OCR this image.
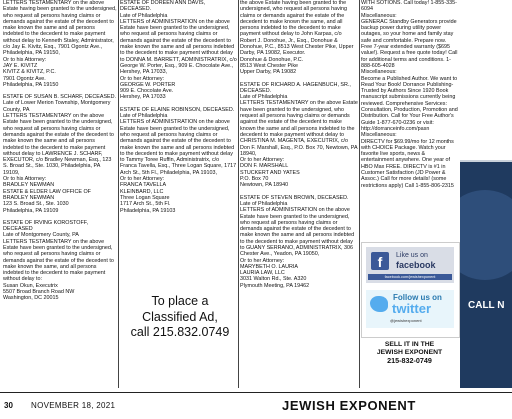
LETTERS TESTAMENTARY on the above Estate having been granted to the undersigned, who request all persons having claims or demands against the estate of the decedent to make known the same and all persons indebted to the decedent to make payment without delay to Kenneth Staley, Administrator, c/o Jay E. Kivitz, Esq., 7901 Ogontz Ave., Philadelphia, PA 19150,
Or to his Attorney:
JAY E. KIVITZ
KIVITZ & KIVITZ, P.C.
7901 Ogontz Ave.
Philadelphia, PA 19150

ESTATE OF SUSAN B. SCHARF, DECEASED.
Late of Lower Merion Township, Montgomery County, PA
LETTERS TESTAMENTARY on the above Estate have been granted to the undersigned, who request all persons having claims or demands against the estate of the decedent to make known the same and all persons indebted to the decedent to make payment without delay to LAWRENCE J. SCHARF, EXECUTOR, c/o Bradley Newman, Esq., 123 S. Broad St., Ste. 1030, Philadelphia, PA 19109,
Or to his Attorney:
BRADLEY NEWMAN
ESTATE & ELDER LAW OFFICE OF BRADLEY NEWMAN
123 S. Broad St., Ste. 1030
Philadelphia, PA 19109

ESTATE OF IRVING KOROSTOFF, DECEASED
Late of Montgomery County, PA
LETTERS TESTAMENTARY on the above Estate have been granted to the undersigned, who request all persons having claims or demands against the estate of the decedent to make known the same, and all persons indebted to the decedent to make payment without delay to:
Susan Okun, Executrix
5507 Broad Branch Road NW
Washington, DC 20015

ESTATE OF DOREEN ANN DAVIS, DECEASED.
Late of Philadelphia
LETTERS of ADMINISTRATION on the above Estate have been granted to the undersigned, who request all persons having claims or demands against the estate of the decedent to make known the same and all persons indebted to the decedent to make payment without delay to DONNA M. BARRETT, ADMINISTRATRIX, c/o George W. Porter, Esq., 909 E. Chocolate Ave., Hershey, PA 17033,
Or to her Attorney:
GEORGE W. PORTER
909 E. Chocolate Ave.
Hershey, PA 17033

ESTATE OF ELAINE ROBINSON, DECEASED.
Late of Philadelphia
LETTERS of ADMINISTRATION on the above Estate have been granted to the undersigned, who request all persons having claims or demands against the estate of the decedent to make known the same and all persons indebted to the decedent to make payment without delay to Tammy Toree Ruffin, Administratrix, c/o Franca Tavella, Esq., Three Logan Square, 1717 Arch St., 5th Fl., Philadelphia, PA 19103,
Or to her Attorney:
FRANCA TAVELLA
KLEINBARD, LLC
Three Logan Square
1717 Arch St., 5th Fl.
Philadelphia, PA 19103

To place a
Classified Ad,
call 215.832.0749

the above Estate having been granted to the undersigned, who request all persons having claims or demands against the estate of the decedent to make known the same, and all persons indebted to the decedent to make payment without delay to John Karpas, c/o Robert J. Donohue, Jr., Esq., Donohue & Donohue, P.C., 8513 West Chester Pike, Upper Darby, PA 19082, Executor.
Donohue & Donohue, P.C.
8513 West Chester Pike
Upper Darby, PA 19082

ESTATE OF RICHARD A. HAGENBUCH, SR., DECEASED.
Late of Philadelphia
LETTERS TESTAMENTARY on the above Estate have been granted to the undersigned, who request all persons having claims or demands against the estate of the decedent to make known the same and all persons indebted to the decedent to make payment without delay to CHRISTINA M. MAGENTA, EXECUTRIX, c/o Don F. Marshall, Esq., P.O. Box 70, Newtown, PA 18940,
Or to her Attorney:
DON F. MARSHALL
STUCKERT AND YATES
P.O. Box 70
Newtown, PA 18940

ESTATE OF STEVEN BROWN, DECEASED.
Late of Philadelphia
LETTERS of ADMINISTRATION on the above Estate have been granted to the undersigned, who request all persons having claims or demands against the estate of the decedent to make known the same and all persons indebted to the decedent to make payment without delay to GUANY SERRANO, ADMINISTRATRIX, 306 Chester Ave., Yeadon, PA 19050,
Or to her Attorney:
MARYBETH O. LAURIA
LAURIA LAW, LLC
3031 Walton Rd., Ste. A320
Plymouth Meeting, PA 19462

WITH SOTIONS. Call today! 1-855-335-6094
Miscellaneous:
GENERAC Standby Generators provide backup power during utility power outages, so your home and family stay safe and comfortable. Prepare now. Free 7-year extended warranty ($695 value!). Request a free quote today! Call for additional terms and conditions. 1-888-605-4028
Miscellaneous:
Become a Published Author. We want to Read Your Book! Dorrance Publishing-Trusted by Authors Since 1920 Book manuscript submissions currently being reviewed. Comprehensive Services: Consultation, Production, Promotion and Distribution. Call for Your Free Author's Guide 1-877-670-0236 or visit:
http://dorranceinfo.com/pasn
Miscellaneous:
DIRECTV for $69.99/mo for 12 months with CHOICE Package. Watch your favorite live sports, news & entertainment anywhere. One year of HBO Max FREE. DIRECTV is #1 in Customer Satisfaction (JD Power & Assoc.) Call for more details! (some restrictions apply) Call 1-855-806-2315

f	Like us on
facebook
facebook.com/jewishexponent
Follow us on
twitter
@jewishexponent
SELL IT IN THE
JEWISH EXPONENT
215-832-0749
CALL N
30 NOVEMBER 18, 2021	JEWISH EXPONENT
